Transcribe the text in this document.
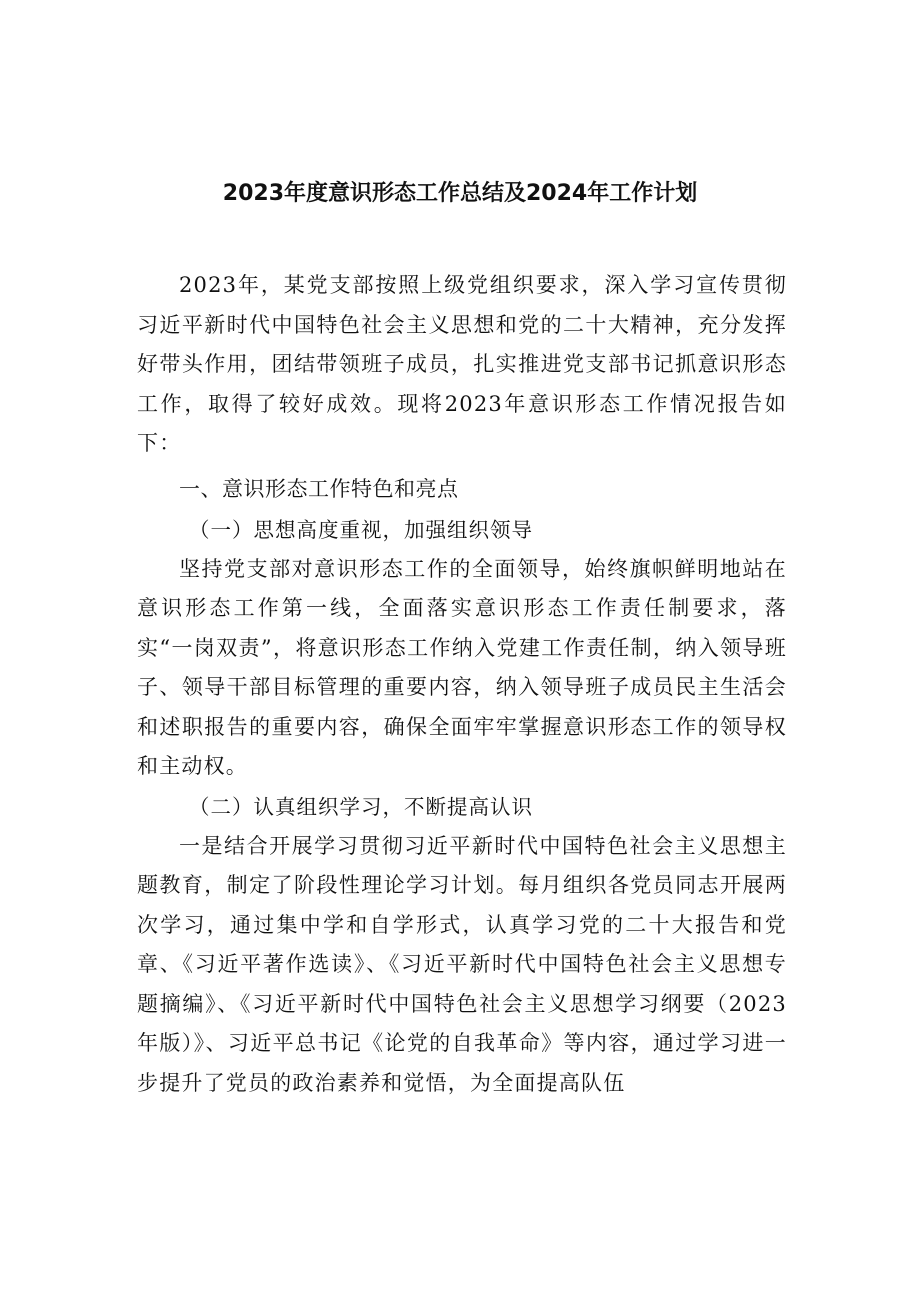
2023年度意识形态工作总结及2024年工作计划

2023年，某党支部按照上级党组织要求，深入学习宣传贯彻习近平新时代中国特色社会主义思想和党的二十大精神，充分发挥好带头作用，团结带领班子成员，扎实推进党支部书记抓意识形态工作，取得了较好成效。现将2023年意识形态工作情况报告如下：

一、意识形态工作特色和亮点

（一）思想高度重视，加强组织领导

坚持党支部对意识形态工作的全面领导，始终旗帜鲜明地站在意识形态工作第一线，全面落实意识形态工作责任制要求，落实“一岗双责”，将意识形态工作纳入党建工作责任制，纳入领导班子、领导干部目标管理的重要内容，纳入领导班子成员民主生活会和述职报告的重要内容，确保全面牢牢掌握意识形态工作的领导权和主动权。

（二）认真组织学习，不断提高认识

一是结合开展学习贯彻习近平新时代中国特色社会主义思想主题教育，制定了阶段性理论学习计划。每月组织各党员同志开展两次学习，通过集中学和自学形式，认真学习党的二十大报告和党章、《习近平著作选读》、《习近平新时代中国特色社会主义思想专题摘编》、《习近平新时代中国特色社会主义思想学习纲要（2023年版）》、习近平总书记《论党的自我革命》等内容，通过学习进一步提升了党员的政治素养和觉悟，为全面提高队伍
